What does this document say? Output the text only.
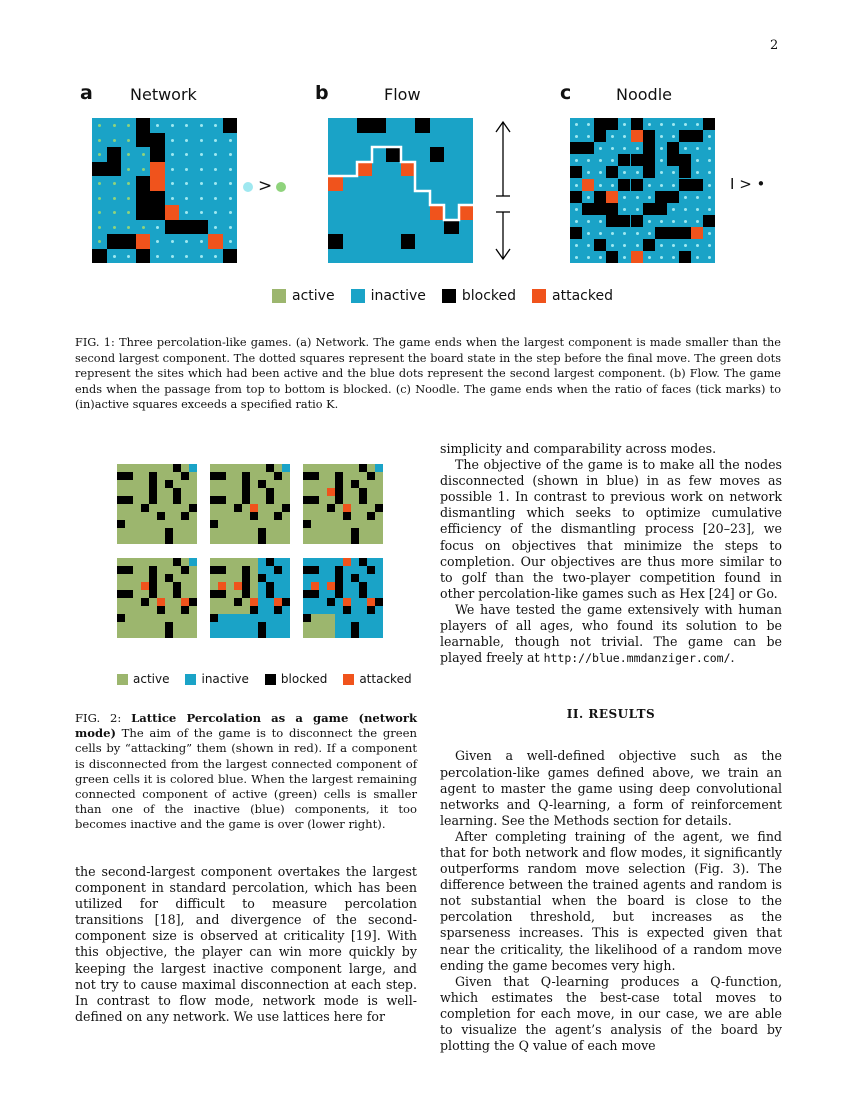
2
a Network	b	Flow	c	Noodle
>	I > •
active	inactive	blocked	attacked
FIG. 1: Three percolation-like games. (a) Network. The game ends when the largest component is made smaller than the second largest component. The dotted squares represent the board state in the step before the final move. The green dots represent the sites which had been active and the blue dots represent the second largest component. (b) Flow. The game ends when the passage from top to bottom is blocked. (c) Noodle. The game ends when the ratio of faces (tick marks) to (in)active squares exceeds a specified ratio K.
active	inactive	blocked	attacked
FIG. 2: Lattice Percolation as a game (network mode) The aim of the game is to disconnect the green cells by “attacking” them (shown in red). If a component is disconnected from the largest connected component of green cells it is colored blue. When the largest remaining connected component of active (green) cells is smaller than one of the inactive (blue) components, it too becomes inactive and the game is over (lower right).

the second-largest component overtakes the largest component in standard percolation, which has been utilized for difficult to measure percolation transitions [18], and divergence of the second-component size is observed at criticality [19]. With this objective, the player can win more quickly by keeping the largest inactive component large, and not try to cause maximal disconnection at each step. In contrast to flow mode, network mode is well-defined on any network. We use lattices here for

simplicity and comparability across modes.

The objective of the game is to make all the nodes disconnected (shown in blue) in as few moves as possible 1. In contrast to previous work on network dismantling which seeks to optimize cumulative efficiency of the dismantling process [20–23], we focus on objectives that minimize the steps to completion. Our objectives are thus more similar to to golf than the two-player competition found in other percolation-like games such as Hex [24] or Go.

We have tested the game extensively with human players of all ages, who found its solution to be learnable, though not trivial. The game can be played freely at http://blue.mmdanziger.com/.

II. RESULTS

Given a well-defined objective such as the percolation-like games defined above, we train an agent to master the game using deep convolutional networks and Q-learning, a form of reinforcement learning. See the Methods section for details.

After completing training of the agent, we find that for both network and flow modes, it significantly outperforms random move selection (Fig. 3). The difference between the trained agents and random is not substantial when the board is close to the percolation threshold, but increases as the sparseness increases. This is expected given that near the criticality, the likelihood of a random move ending the game becomes very high.

Given that Q-learning produces a Q-function, which estimates the best-case total moves to completion for each move, in our case, we are able to visualize the agent’s analysis of the board by plotting the Q value of each move
